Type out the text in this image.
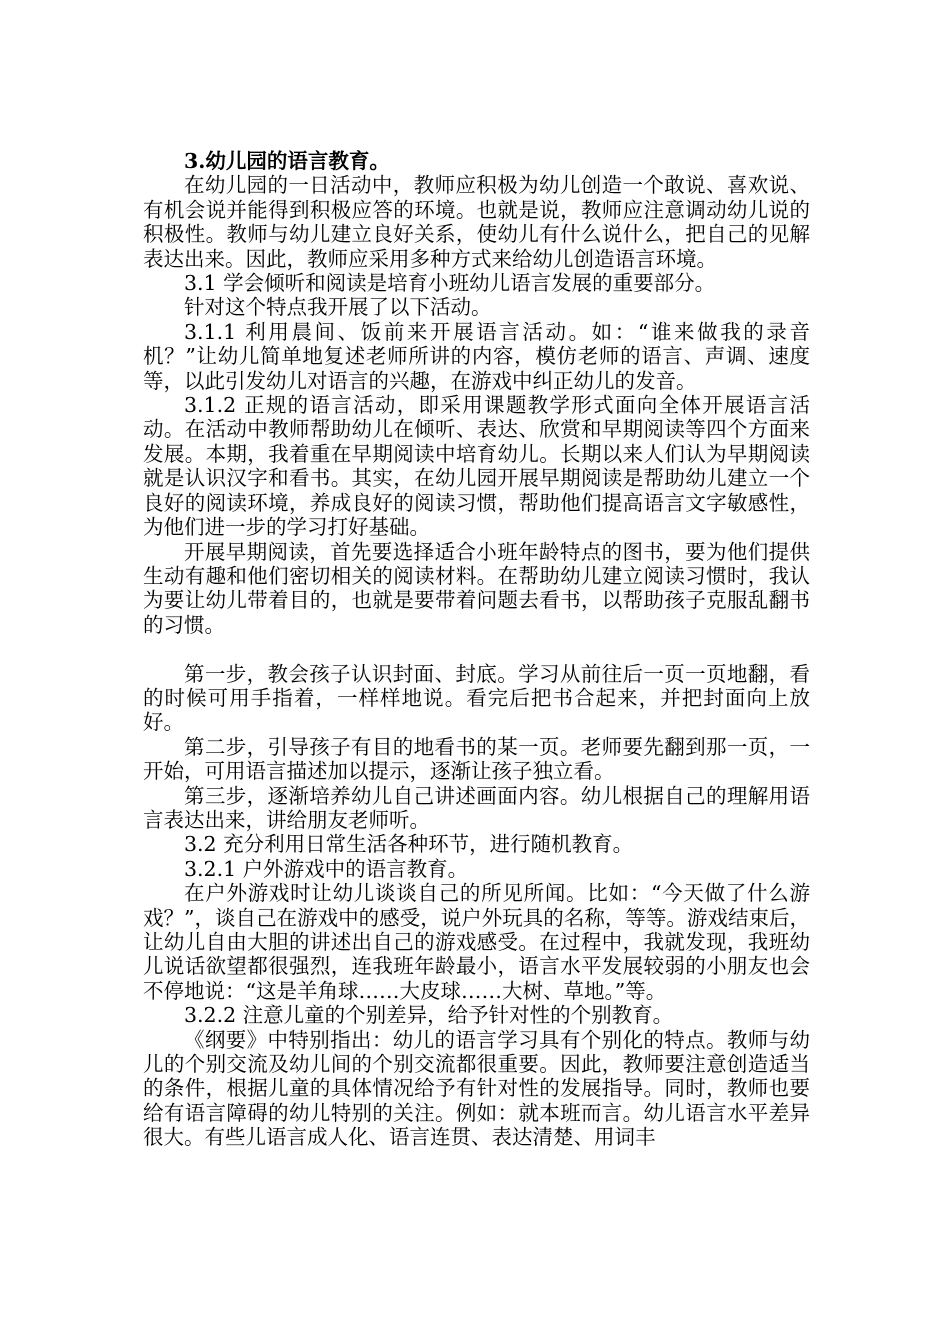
3.幼儿园的语言教育。

在幼儿园的一日活动中，教师应积极为幼儿创造一个敢说、喜欢说、有机会说并能得到积极应答的环境。也就是说，教师应注意调动幼儿说的积极性。教师与幼儿建立良好关系，使幼儿有什么说什么，把自己的见解表达出来。因此，教师应采用多种方式来给幼儿创造语言环境。

3.1 学会倾听和阅读是培育小班幼儿语言发展的重要部分。

针对这个特点我开展了以下活动。

3.1.1 利用晨间、饭前来开展语言活动。如：“谁来做我的录音机？”让幼儿简单地复述老师所讲的内容，模仿老师的语言、声调、速度等，以此引发幼儿对语言的兴趣，在游戏中纠正幼儿的发音。

3.1.2 正规的语言活动，即采用课题教学形式面向全体开展语言活动。在活动中教师帮助幼儿在倾听、表达、欣赏和早期阅读等四个方面来发展。本期，我着重在早期阅读中培育幼儿。长期以来人们认为早期阅读就是认识汉字和看书。其实，在幼儿园开展早期阅读是帮助幼儿建立一个良好的阅读环境，养成良好的阅读习惯，帮助他们提高语言文字敏感性，为他们进一步的学习打好基础。

开展早期阅读，首先要选择适合小班年龄特点的图书，要为他们提供生动有趣和他们密切相关的阅读材料。在帮助幼儿建立阅读习惯时，我认为要让幼儿带着目的，也就是要带着问题去看书，以帮助孩子克服乱翻书的习惯。

第一步，教会孩子认识封面、封底。学习从前往后一页一页地翻，看的时候可用手指着，一样样地说。看完后把书合起来，并把封面向上放好。

第二步，引导孩子有目的地看书的某一页。老师要先翻到那一页，一开始，可用语言描述加以提示，逐渐让孩子独立看。

第三步，逐渐培养幼儿自己讲述画面内容。幼儿根据自己的理解用语言表达出来，讲给朋友老师听。

3.2 充分利用日常生活各种环节，进行随机教育。

3.2.1 户外游戏中的语言教育。

在户外游戏时让幼儿谈谈自己的所见所闻。比如：“今天做了什么游戏？”，谈自己在游戏中的感受，说户外玩具的名称，等等。游戏结束后，让幼儿自由大胆的讲述出自己的游戏感受。在过程中，我就发现，我班幼儿说话欲望都很强烈，连我班年龄最小，语言水平发展较弱的小朋友也会不停地说：“这是羊角球……大皮球……大树、草地。”等。

3.2.2 注意儿童的个别差异，给予针对性的个别教育。

《纲要》中特别指出：幼儿的语言学习具有个别化的特点。教师与幼儿的个别交流及幼儿间的个别交流都很重要。因此，教师要注意创造适当的条件，根据儿童的具体情况给予有针对性的发展指导。同时，教师也要给有语言障碍的幼儿特别的关注。例如：就本班而言。幼儿语言水平差异很大。有些儿语言成人化、语言连贯、表达清楚、用词丰
